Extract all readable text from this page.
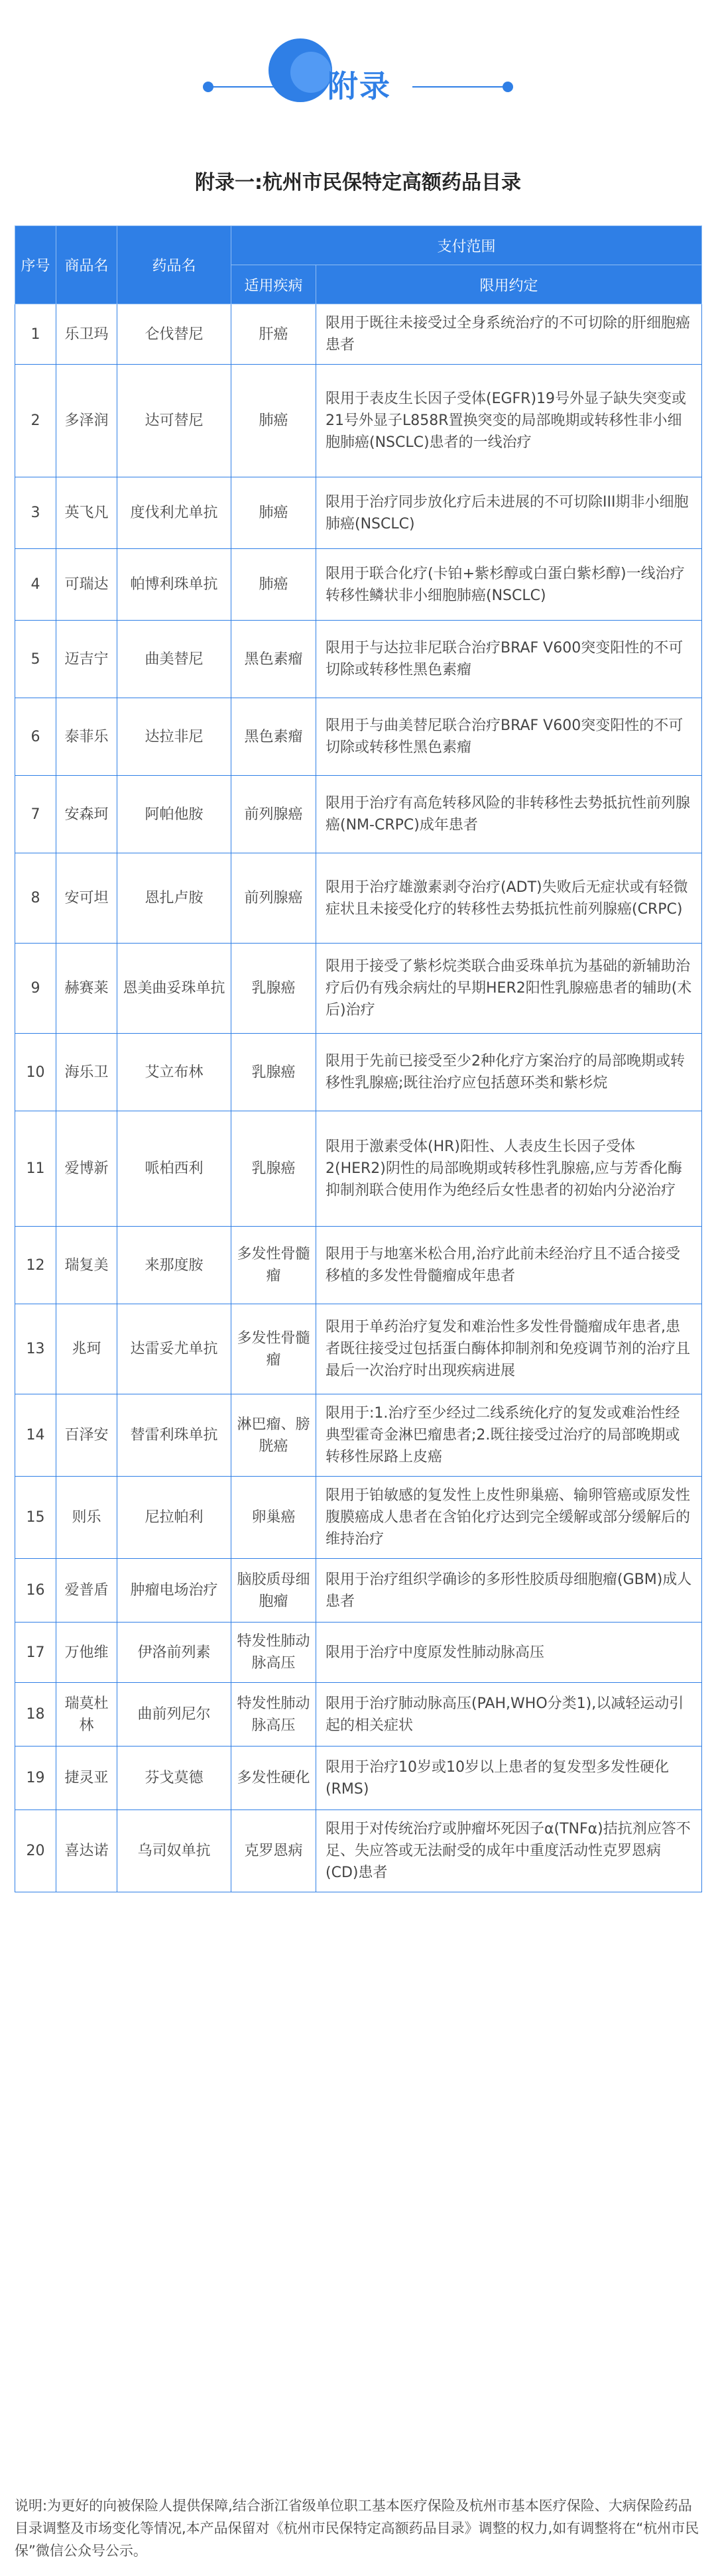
附录
附录一:杭州市民保特定高额药品目录
序号	商品名	药品名	支付范围	
			适用疾病	限用约定
1	乐卫玛	仑伐替尼	肝癌	限用于既往未接受过全身系统治疗的不可切除的肝细胞癌患者
2	多泽润	达可替尼	肺癌	限用于表皮生长因子受体(EGFR)19号外显子缺失突变或21号外显子L858R置换突变的局部晚期或转移性非小细胞肺癌(NSCLC)患者的一线治疗
3	英飞凡	度伐利尤单抗	肺癌	限用于治疗同步放化疗后未进展的不可切除III期非小细胞肺癌(NSCLC)
4	可瑞达	帕博利珠单抗	肺癌	限用于联合化疗(卡铂+紫杉醇或白蛋白紫杉醇)一线治疗转移性鳞状非小细胞肺癌(NSCLC)
5	迈吉宁	曲美替尼	黑色素瘤	限用于与达拉非尼联合治疗BRAF V600突变阳性的不可切除或转移性黑色素瘤
6	泰菲乐	达拉非尼	黑色素瘤	限用于与曲美替尼联合治疗BRAF V600突变阳性的不可切除或转移性黑色素瘤
7	安森珂	阿帕他胺	前列腺癌	限用于治疗有高危转移风险的非转移性去势抵抗性前列腺癌(NM-CRPC)成年患者
8	安可坦	恩扎卢胺	前列腺癌	限用于治疗雄激素剥夺治疗(ADT)失败后无症状或有轻微症状且未接受化疗的转移性去势抵抗性前列腺癌(CRPC)
9	赫赛莱	恩美曲妥珠单抗	乳腺癌	限用于接受了紫杉烷类联合曲妥珠单抗为基础的新辅助治疗后仍有残余病灶的早期HER2阳性乳腺癌患者的辅助(术后)治疗
10	海乐卫	艾立布林	乳腺癌	限用于先前已接受至少2种化疗方案治疗的局部晚期或转移性乳腺癌;既往治疗应包括蒽环类和紫杉烷
11	爱博新	哌柏西利	乳腺癌	限用于激素受体(HR)阳性、人表皮生长因子受体2(HER2)阴性的局部晚期或转移性乳腺癌,应与芳香化酶抑制剂联合使用作为绝经后女性患者的初始内分泌治疗
12	瑞复美	来那度胺	多发性骨髓瘤	限用于与地塞米松合用,治疗此前未经治疗且不适合接受移植的多发性骨髓瘤成年患者
13	兆珂	达雷妥尤单抗	多发性骨髓瘤	限用于单药治疗复发和难治性多发性骨髓瘤成年患者,患者既往接受过包括蛋白酶体抑制剂和免疫调节剂的治疗且最后一次治疗时出现疾病进展
14	百泽安	替雷利珠单抗	淋巴瘤、膀胱癌	限用于:1.治疗至少经过二线系统化疗的复发或难治性经典型霍奇金淋巴瘤患者;2.既往接受过治疗的局部晚期或转移性尿路上皮癌
15	则乐	尼拉帕利	卵巢癌	限用于铂敏感的复发性上皮性卵巢癌、输卵管癌或原发性腹膜癌成人患者在含铂化疗达到完全缓解或部分缓解后的维持治疗
16	爱普盾	肿瘤电场治疗	脑胶质母细胞瘤	限用于治疗组织学确诊的多形性胶质母细胞瘤(GBM)成人患者
17	万他维	伊洛前列素	特发性肺动脉高压	限用于治疗中度原发性肺动脉高压
18	瑞莫杜林	曲前列尼尔	特发性肺动脉高压	限用于治疗肺动脉高压(PAH,WHO分类1),以减轻运动引起的相关症状
19	捷灵亚	芬戈莫德	多发性硬化	限用于治疗10岁或10岁以上患者的复发型多发性硬化(RMS)
20	喜达诺	乌司奴单抗	克罗恩病	限用于对传统治疗或肿瘤坏死因子α(TNFα)拮抗剂应答不足、失应答或无法耐受的成年中重度活动性克罗恩病(CD)患者
说明:为更好的向被保险人提供保障,结合浙江省级单位职工基本医疗保险及杭州市基本医疗保险、大病保险药品目录调整及市场变化等情况,本产品保留对《杭州市民保特定高额药品目录》调整的权力,如有调整将在“杭州市民保”微信公众号公示。
